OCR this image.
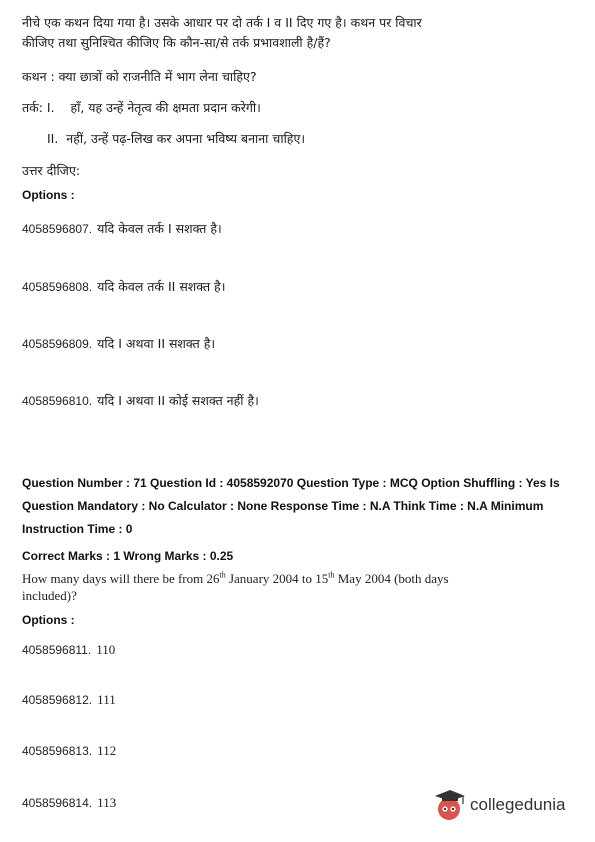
नीचे एक कथन दिया गया है। उसके आधार पर दो तर्क I व II दिए गए है। कथन पर विचार
कीजिए तथा सुनिश्चित कीजिए कि कौन-सा/से तर्क प्रभावशाली है/हैं?
कथन : क्या छात्रों को राजनीति में भाग लेना चाहिए?
तर्क: I.    हाँ, यह उन्हें नेतृत्व की क्षमता प्रदान करेगी।
II.  नहीं, उन्हें पढ़-लिख कर अपना भविष्य बनाना चाहिए।
उत्तर दीजिए:
Options :
4058596807. यदि केवल तर्क I सशक्त है।
4058596808. यदि केवल तर्क II सशक्त है।
4058596809. यदि I अथवा II सशक्त है।
4058596810. यदि I अथवा II कोई सशक्त नहीं है।
Question Number : 71 Question Id : 4058592070 Question Type : MCQ Option Shuffling : Yes Is
Question Mandatory : No Calculator : None Response Time : N.A Think Time : N.A Minimum
Instruction Time : 0
Correct Marks : 1 Wrong Marks : 0.25
How many days will there be from 26th January 2004 to 15th May 2004 (both days
included)?
Options :
4058596811. 110
4058596812. 111
4058596813. 112
4058596814. 113	collegedunia
